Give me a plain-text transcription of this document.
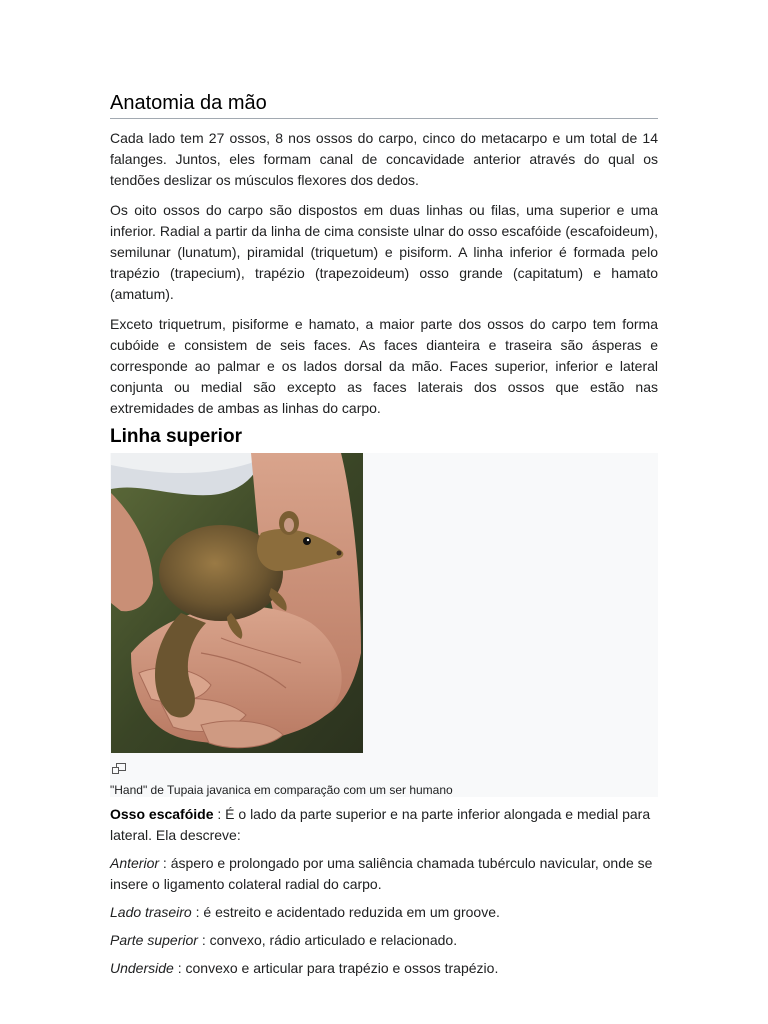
Anatomia da mão

Cada lado tem 27 ossos, 8 nos ossos do carpo, cinco do metacarpo e um total de 14 falanges. Juntos, eles formam canal de concavidade anterior através do qual os tendões deslizar os músculos flexores dos dedos.

Os oito ossos do carpo são dispostos em duas linhas ou filas, uma superior e uma inferior. Radial a partir da linha de cima consiste ulnar do osso escafóide (escafoideum), semilunar (lunatum), piramidal (triquetum) e pisiform. A linha inferior é formada pelo trapézio (trapecium), trapézio (trapezoideum) osso grande (capitatum) e hamato (amatum).

Exceto triquetrum, pisiforme e hamato, a maior parte dos ossos do carpo tem forma cubóide e consistem de seis faces. As faces dianteira e traseira são ásperas e corresponde ao palmar e os lados dorsal da mão. Faces superior, inferior e lateral conjunta ou medial são excepto as faces laterais dos ossos que estão nas extremidades de ambas as linhas do carpo.

Linha superior
"Hand" de Tupaia javanica em comparação com um ser humano

Osso escafóide : É o lado da parte superior e na parte inferior alongada e medial para lateral. Ela descreve:

Anterior : áspero e prolongado por uma saliência chamada tubérculo navicular, onde se insere o ligamento colateral radial do carpo.

Lado traseiro : é estreito e acidentado reduzida em um groove.

Parte superior : convexo, rádio articulado e relacionado.

Underside : convexo e articular para trapézio e ossos trapézio.
